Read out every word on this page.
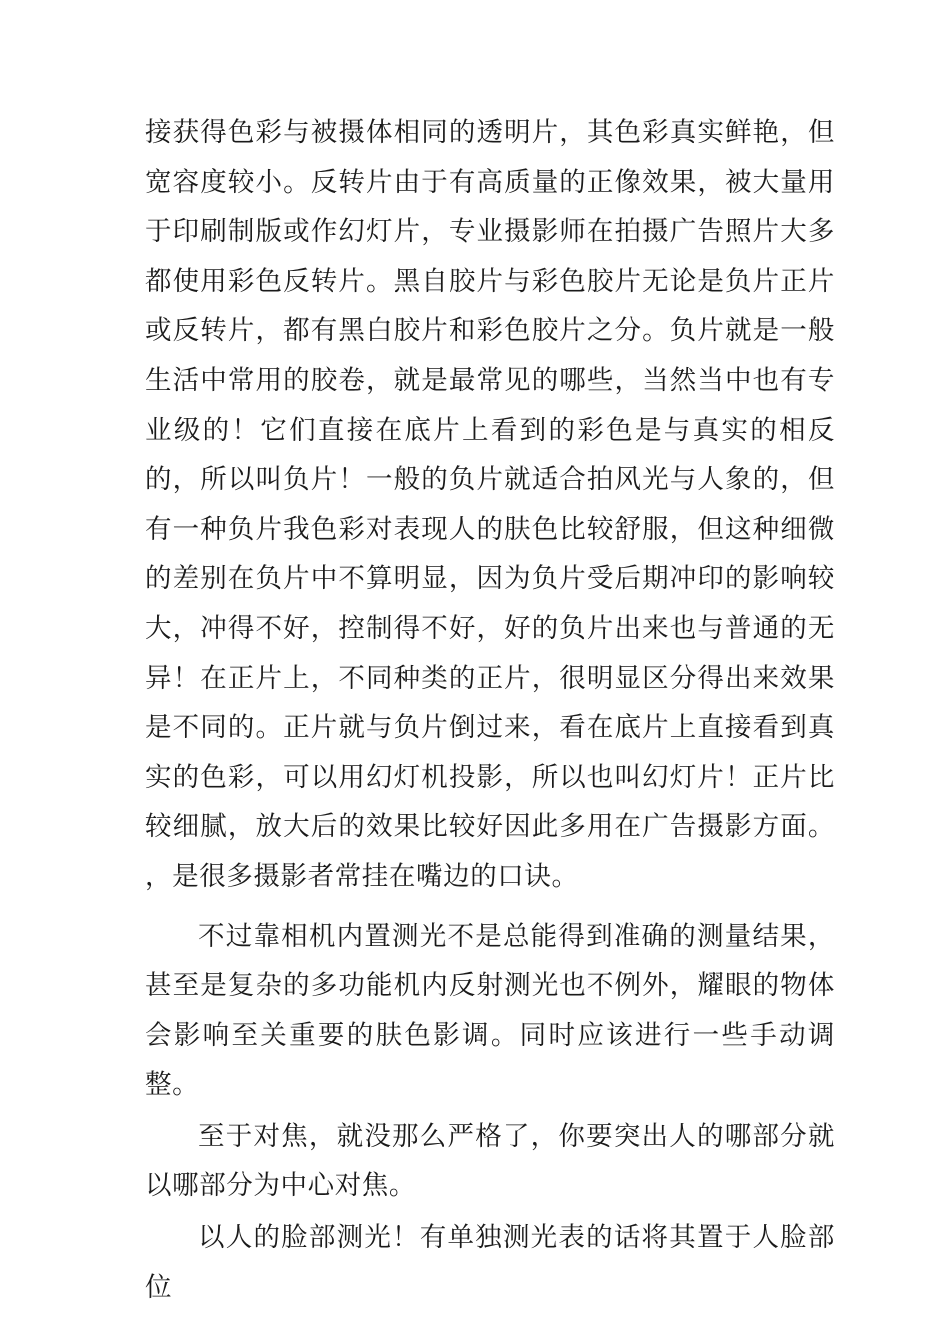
接获得色彩与被摄体相同的透明片，其色彩真实鲜艳，但宽容度较小。反转片由于有高质量的正像效果，被大量用于印刷制版或作幻灯片，专业摄影师在拍摄广告照片大多都使用彩色反转片。黑自胶片与彩色胶片无论是负片正片或反转片，都有黑白胶片和彩色胶片之分。负片就是一般生活中常用的胶卷，就是最常见的哪些，当然当中也有专业级的！它们直接在底片上看到的彩色是与真实的相反的，所以叫负片！一般的负片就适合拍风光与人象的，但有一种负片我色彩对表现人的肤色比较舒服，但这种细微的差别在负片中不算明显，因为负片受后期冲印的影响较大，冲得不好，控制得不好，好的负片出来也与普通的无异！在正片上，不同种类的正片，很明显区分得出来效果是不同的。正片就与负片倒过来，看在底片上直接看到真实的色彩，可以用幻灯机投影，所以也叫幻灯片！正片比较细腻，放大后的效果比较好因此多用在广告摄影方面。 ，是很多摄影者常挂在嘴边的口诀。

不过靠相机内置测光不是总能得到准确的测量结果，甚至是复杂的多功能机内反射测光也不例外，耀眼的物体会影响至关重要的肤色影调。同时应该进行一些手动调整。

至于对焦，就没那么严格了，你要突出人的哪部分就以哪部分为中心对焦。

以人的脸部测光！有单独测光表的话将其置于人脸部位
